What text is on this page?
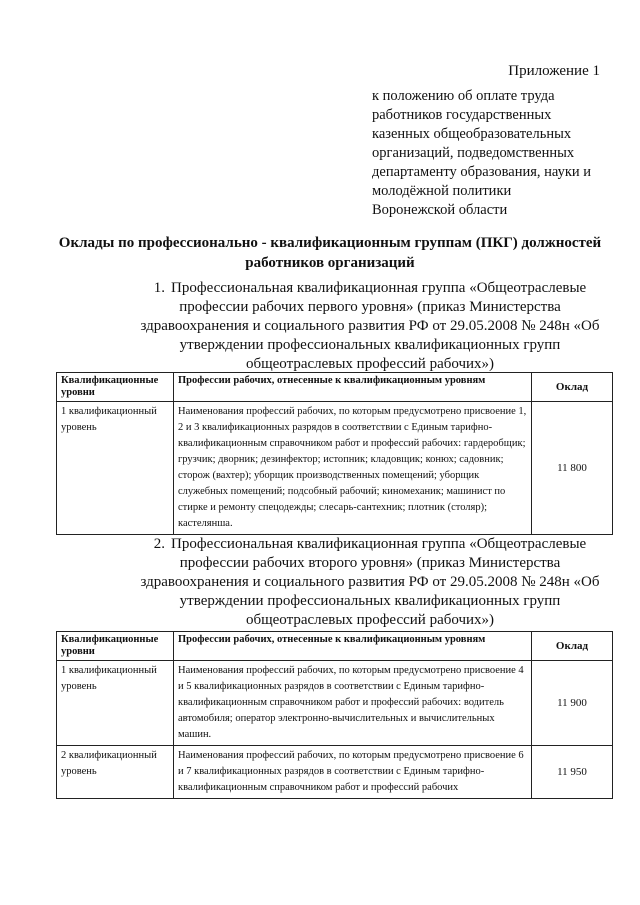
Приложение 1
к положению об оплате труда
работников государственных
казенных общеобразовательных
организаций, подведомственных
департаменту образования, науки и
молодёжной политики
Воронежской области
Оклады по профессионально - квалификационным группам (ПКГ) должностей
работников организаций
1. Профессиональная квалификационная группа «Общеотраслевые
профессии рабочих первого уровня» (приказ Министерства
здравоохранения и социального развития РФ от 29.05.2008 № 248н «Об
утверждении профессиональных квалификационных групп
общеотраслевых профессий рабочих»)
Квалификационные уровни	Профессии рабочих, отнесенные к квалификационным уровням	Оклад
1 квалификационный уровень	Наименования профессий рабочих, по которым предусмотрено присвоение 1, 2 и 3 квалификационных разрядов в соответствии с Единым тарифно-квалификационным справочником работ и профессий рабочих: гардеробщик; грузчик; дворник; дезинфектор; истопник; кладовщик; конюх; садовник; сторож (вахтер); уборщик производственных помещений; уборщик служебных помещений; подсобный рабочий; киномеханик; машинист по стирке и ремонту спецодежды; слесарь-сантехник; плотник (столяр); кастелянша.	11 800
2. Профессиональная квалификационная группа «Общеотраслевые
профессии рабочих второго уровня» (приказ Министерства
здравоохранения и социального развития РФ от 29.05.2008 № 248н «Об
утверждении профессиональных квалификационных групп
общеотраслевых профессий рабочих»)
Квалификационные уровни	Профессии рабочих, отнесенные к квалификационным уровням	Оклад
1 квалификационный уровень	Наименования профессий рабочих, по которым предусмотрено присвоение 4 и 5 квалификационных разрядов в соответствии с Единым тарифно-квалификационным справочником работ и профессий рабочих: водитель автомобиля; оператор электронно-вычислительных и вычислительных машин.	11 900
2 квалификационный уровень	Наименования профессий рабочих, по которым предусмотрено присвоение 6 и 7 квалификационных разрядов в соответствии с Единым тарифно-квалификационным справочником работ и профессий рабочих	11 950
